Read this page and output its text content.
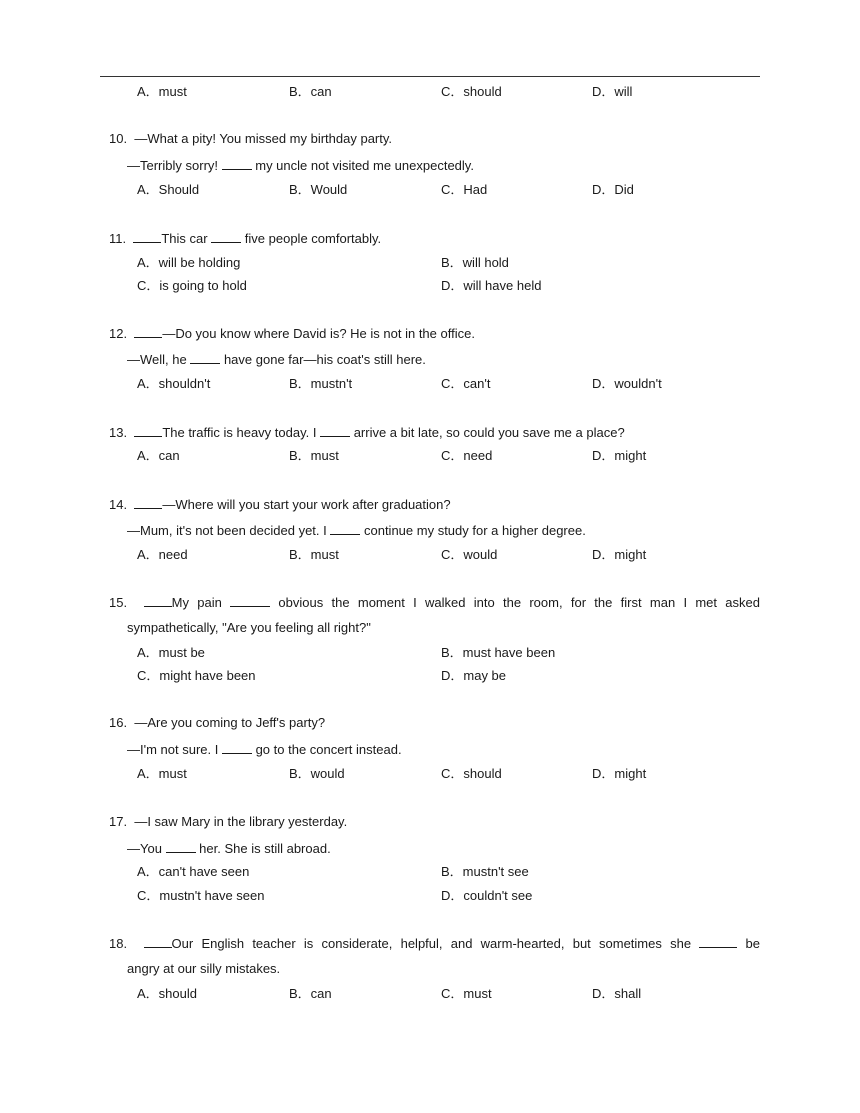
A．must	B．can	C．should	D．will
10. —What a pity! You missed my birthday party.
—Terribly sorry!  my uncle not visited me unexpectedly.
A．Should	B．Would	C．Had	D．Did
11.	This car  five people comfortably.
A．will be holding	B．will hold
C．is going to hold	D．will have held
12.	—Do you know where David is? He is not in the office.
—Well, he  have gone far—his coat's still here.
A．shouldn't	B．mustn't	C．can't	D．wouldn't
13.	The traffic is heavy today. I  arrive a bit late, so could you save me a place?
A．can	B．must	C．need	D．might
14.	—Where will you start your work after graduation?
—Mum, it's not been decided yet. I  continue my study for a higher degree.
A．need	B．must	C．would	D．might
15.	My pain	obvious the moment I walked into the room, for the first man I met asked
sympathetically, "Are you feeling all right?"
A．must be	B．must have been
C．might have been	D．may be
16. —Are you coming to Jeff's party?
—I'm not sure. I  go to the concert instead.
A．must	B．would	C．should	D．might
17. —I saw Mary in the library yesterday.
—You  her. She is still abroad.
A．can't have seen	B．mustn't see
C．mustn't have seen	D．couldn't see
18.	Our English teacher is considerate, helpful, and warm-hearted, but sometimes she	be
angry at our silly mistakes.
A．should	B．can	C．must	D．shall
